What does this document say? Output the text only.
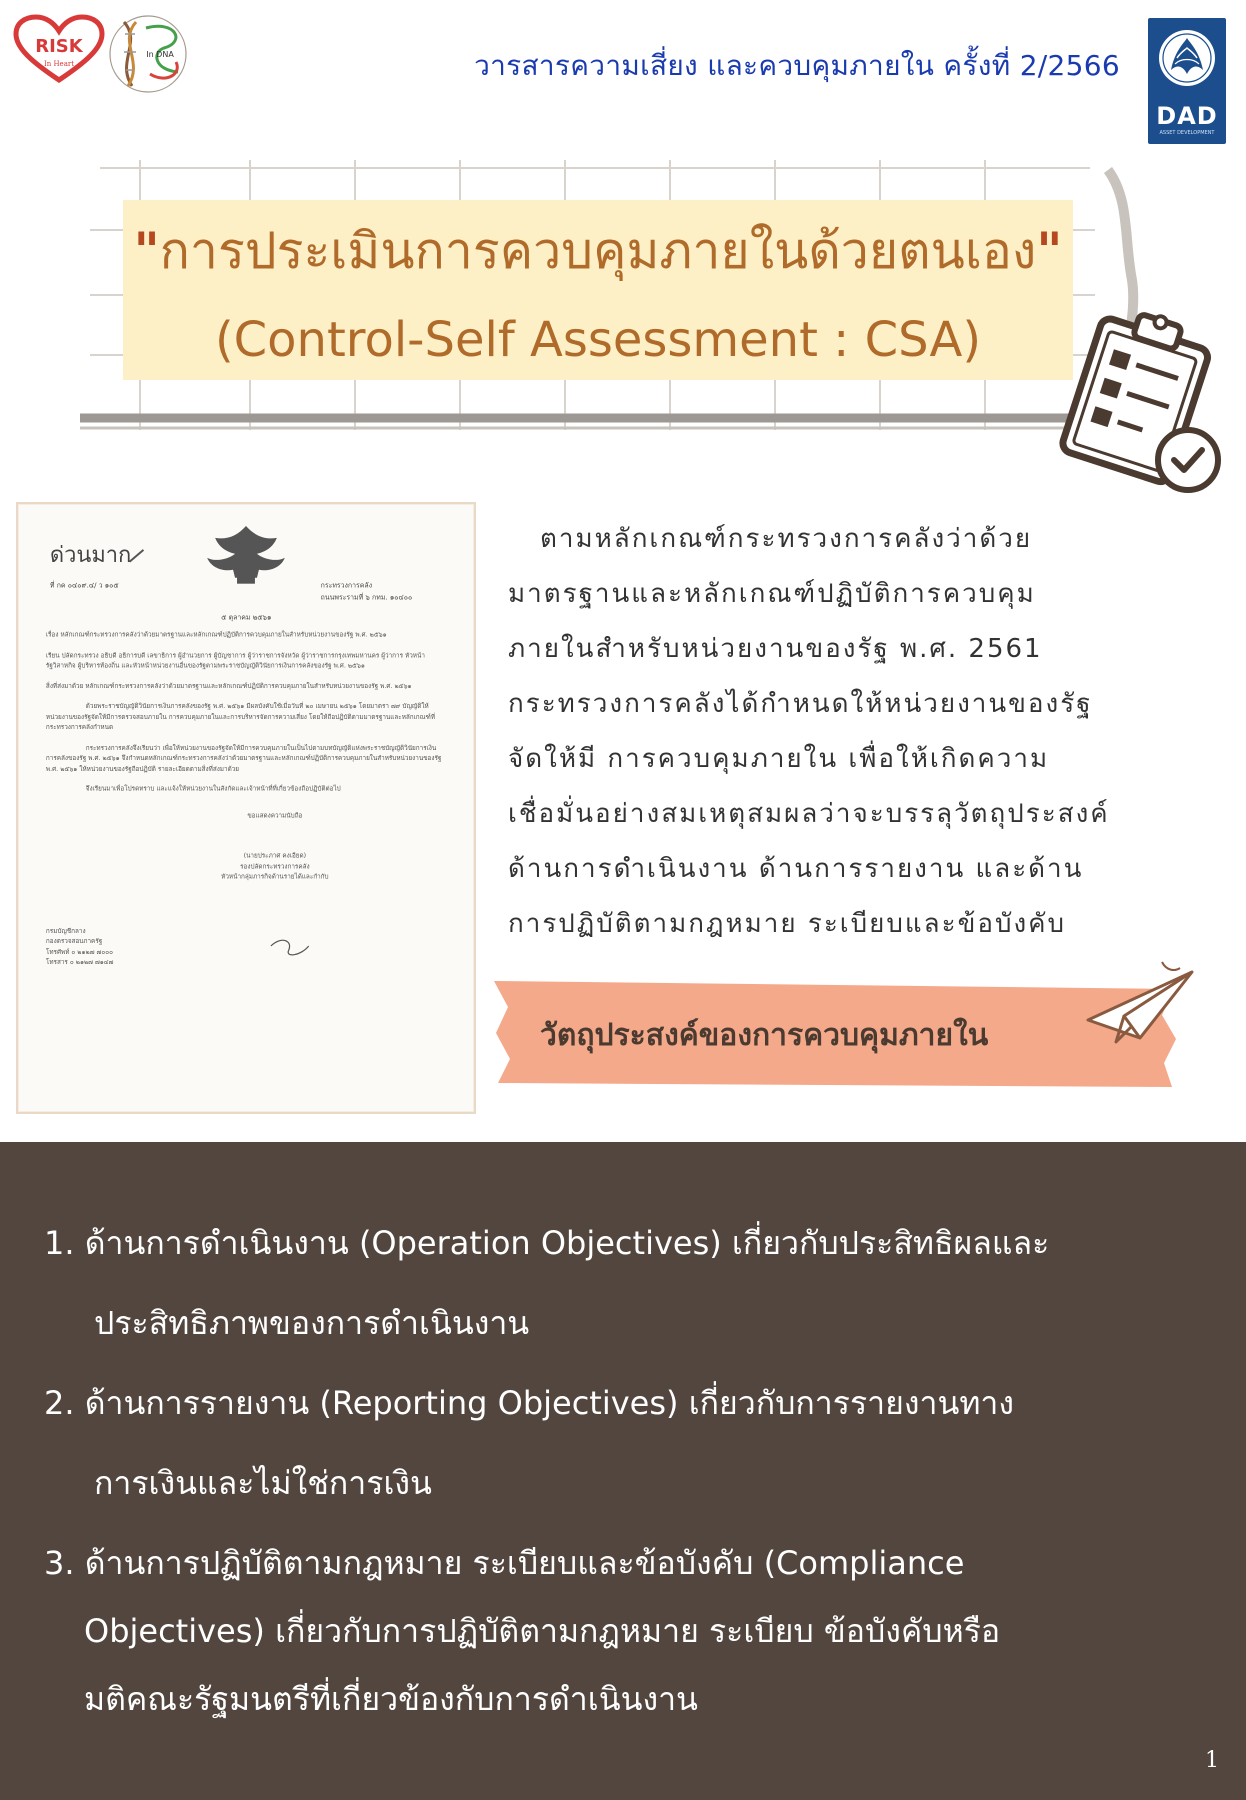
RISK
In Heart
In DNA	วารสารความเสี่ยง และควบคุมภายใน ครั้งที่ 2/2566
DAD
ASSET DEVELOPMENT
"การประเมินการควบคุมภายในด้วยตนเอง"
(Control-Self Assessment : CSA)
ด่วนมาก
ที่ กค ๐๔๐๙.๔/ ว ๑๐๕	กระทรวงการคลัง
ถนนพระรามที่ ๖ กทม. ๑๐๔๐๐
๕ ตุลาคม ๒๕๖๑
เรื่อง หลักเกณฑ์กระทรวงการคลังว่าด้วยมาตรฐานและหลักเกณฑ์ปฏิบัติการควบคุมภายในสำหรับหน่วยงานของรัฐ พ.ศ. ๒๕๖๑
เรียน ปลัดกระทรวง อธิบดี อธิการบดี เลขาธิการ ผู้อำนวยการ ผู้บัญชาการ ผู้ว่าราชการจังหวัด ผู้ว่าราชการกรุงเทพมหานคร ผู้ว่าการ หัวหน้ารัฐวิสาหกิจ ผู้บริหารท้องถิ่น และหัวหน้าหน่วยงานอื่นของรัฐตามพระราชบัญญัติวินัยการเงินการคลังของรัฐ พ.ศ. ๒๕๖๑
สิ่งที่ส่งมาด้วย หลักเกณฑ์กระทรวงการคลังว่าด้วยมาตรฐานและหลักเกณฑ์ปฏิบัติการควบคุมภายในสำหรับหน่วยงานของรัฐ พ.ศ. ๒๕๖๑
ด้วยพระราชบัญญัติวินัยการเงินการคลังของรัฐ พ.ศ. ๒๕๖๑ มีผลบังคับใช้เมื่อวันที่ ๒๐ เมษายน ๒๕๖๑ โดยมาตรา ๗๙ บัญญัติให้หน่วยงานของรัฐจัดให้มีการตรวจสอบภายใน การควบคุมภายในและการบริหารจัดการความเสี่ยง โดยให้ถือปฏิบัติตามมาตรฐานและหลักเกณฑ์ที่กระทรวงการคลังกำหนด
กระทรวงการคลังจึงเรียนว่า เพื่อให้หน่วยงานของรัฐจัดให้มีการควบคุมภายในเป็นไปตามบทบัญญัติแห่งพระราชบัญญัติวินัยการเงินการคลังของรัฐ พ.ศ. ๒๕๖๑ จึงกำหนดหลักเกณฑ์กระทรวงการคลังว่าด้วยมาตรฐานและหลักเกณฑ์ปฏิบัติการควบคุมภายในสำหรับหน่วยงานของรัฐ พ.ศ. ๒๕๖๑ ให้หน่วยงานของรัฐถือปฏิบัติ รายละเอียดตามสิ่งที่ส่งมาด้วย
จึงเรียนมาเพื่อโปรดทราบ และแจ้งให้หน่วยงานในสังกัดและเจ้าหน้าที่ที่เกี่ยวข้องถือปฏิบัติต่อไป
ขอแสดงความนับถือ
(นายประภาศ คงเอียด)
รองปลัดกระทรวงการคลัง
หัวหน้ากลุ่มภารกิจด้านรายได้และกำกับ
กรมบัญชีกลาง
กองตรวจสอบภาครัฐ
โทรศัพท์ ๐ ๒๑๒๗ ๗๐๐๐
โทรสาร ๐ ๒๑๒๗ ๗๑๔๗
ตามหลักเกณฑ์กระทรวงการคลังว่าด้วย
มาตรฐานและหลักเกณฑ์ปฏิบัติการควบคุม
ภายในสำหรับหน่วยงานของรัฐ พ.ศ. 2561
กระทรวงการคลังได้กำหนดให้หน่วยงานของรัฐ
จัดให้มี การควบคุมภายใน เพื่อให้เกิดความ
เชื่อมั่นอย่างสมเหตุสมผลว่าจะบรรลุวัตถุประสงค์
ด้านการดำเนินงาน ด้านการรายงาน และด้าน
การปฏิบัติตามกฎหมาย ระเบียบและข้อบังคับ
วัตถุประสงค์ของการควบคุมภายใน
1. ด้านการดำเนินงาน (Operation Objectives) เกี่ยวกับประสิทธิผลและ
ประสิทธิภาพของการดำเนินงาน
2. ด้านการรายงาน (Reporting Objectives) เกี่ยวกับการรายงานทาง
การเงินและไม่ใช่การเงิน
3. ด้านการปฏิบัติตามกฎหมาย ระเบียบและข้อบังคับ (Compliance
Objectives) เกี่ยวกับการปฏิบัติตามกฎหมาย ระเบียบ ข้อบังคับหรือ
มติคณะรัฐมนตรีที่เกี่ยวข้องกับการดำเนินงาน
1
